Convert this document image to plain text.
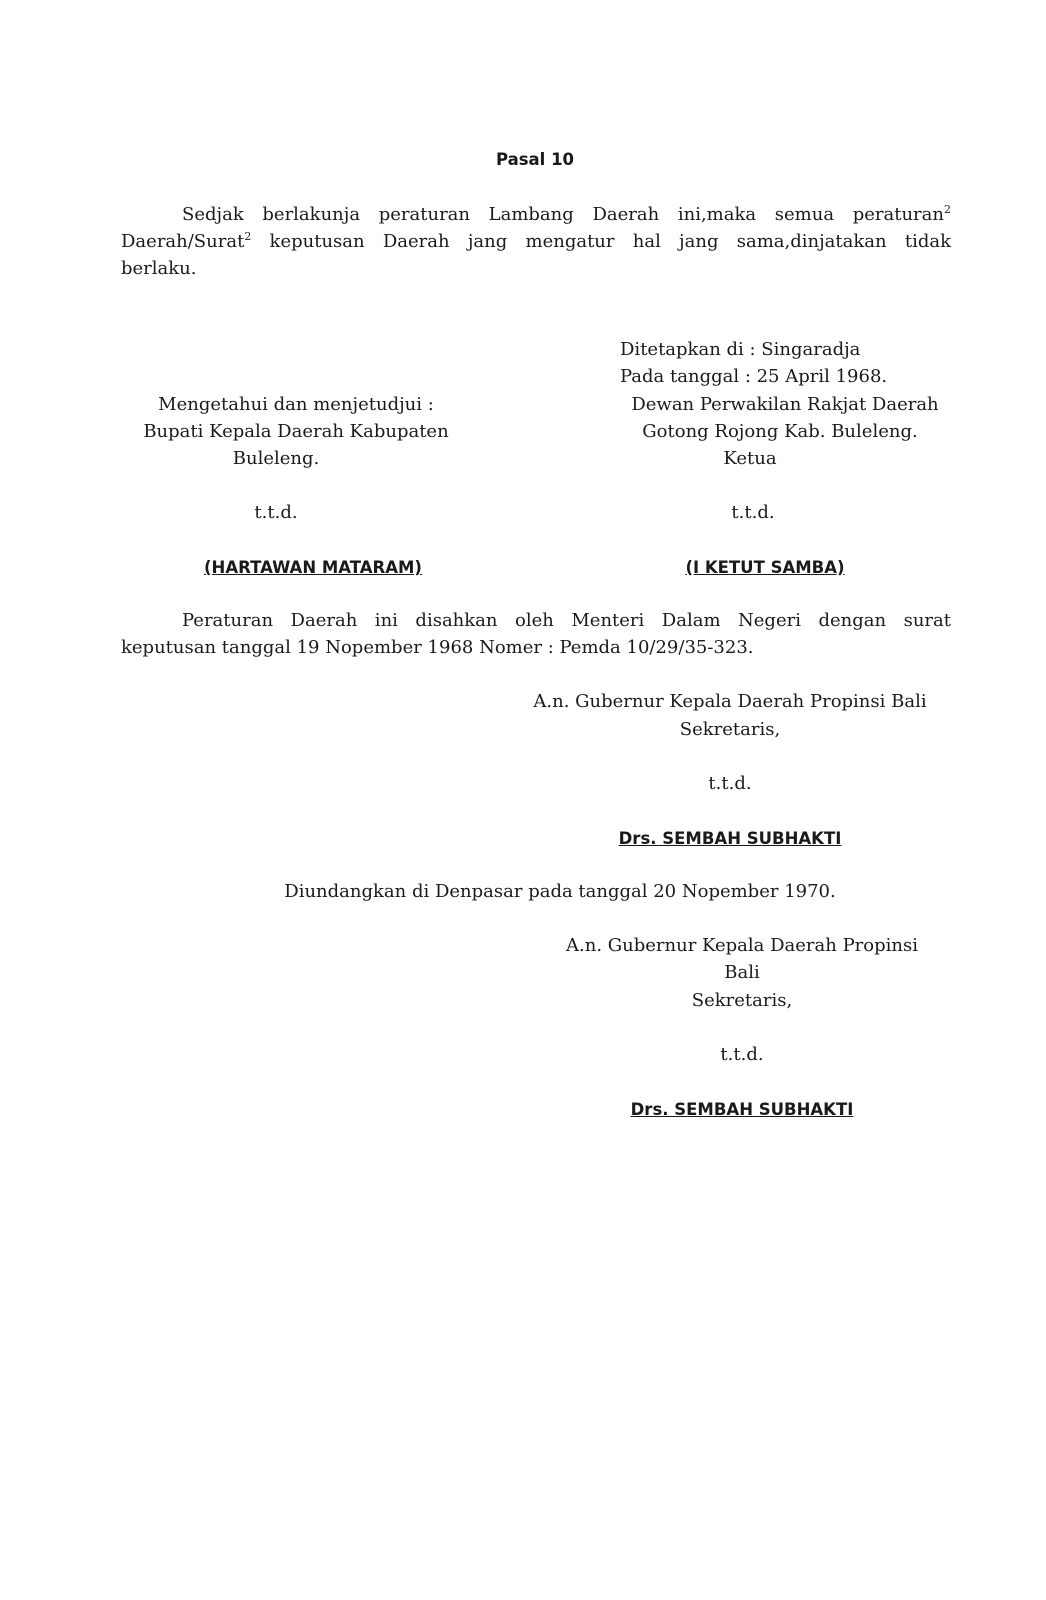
Pasal 10
Sedjak berlakunja peraturan Lambang Daerah ini,maka semua peraturan$^2$
Daerah/Surat$^2$ keputusan Daerah jang mengatur hal jang sama,dinjatakan tidak
berlaku.
Ditetapkan di : Singaradja
Pada tanggal : 25 April 1968.
Dewan Perwakilan Rakjat Daerah
Gotong Rojong Kab. Buleleng.
Ketua
t.t.d.
(I KETUT SAMBA)
Mengetahui dan menjetudjui :
Bupati Kepala Daerah Kabupaten
Buleleng.
t.t.d.
(HARTAWAN MATARAM)
Peraturan Daerah ini disahkan oleh Menteri Dalam Negeri dengan surat
keputusan tanggal 19 Nopember 1968 Nomer : Pemda 10/29/35-323.
A.n. Gubernur Kepala Daerah Propinsi Bali
Sekretaris,
t.t.d.
Drs. SEMBAH SUBHAKTI
Diundangkan di Denpasar pada tanggal 20 Nopember 1970.
A.n. Gubernur Kepala Daerah Propinsi
Bali
Sekretaris,
t.t.d.
Drs. SEMBAH SUBHAKTI
